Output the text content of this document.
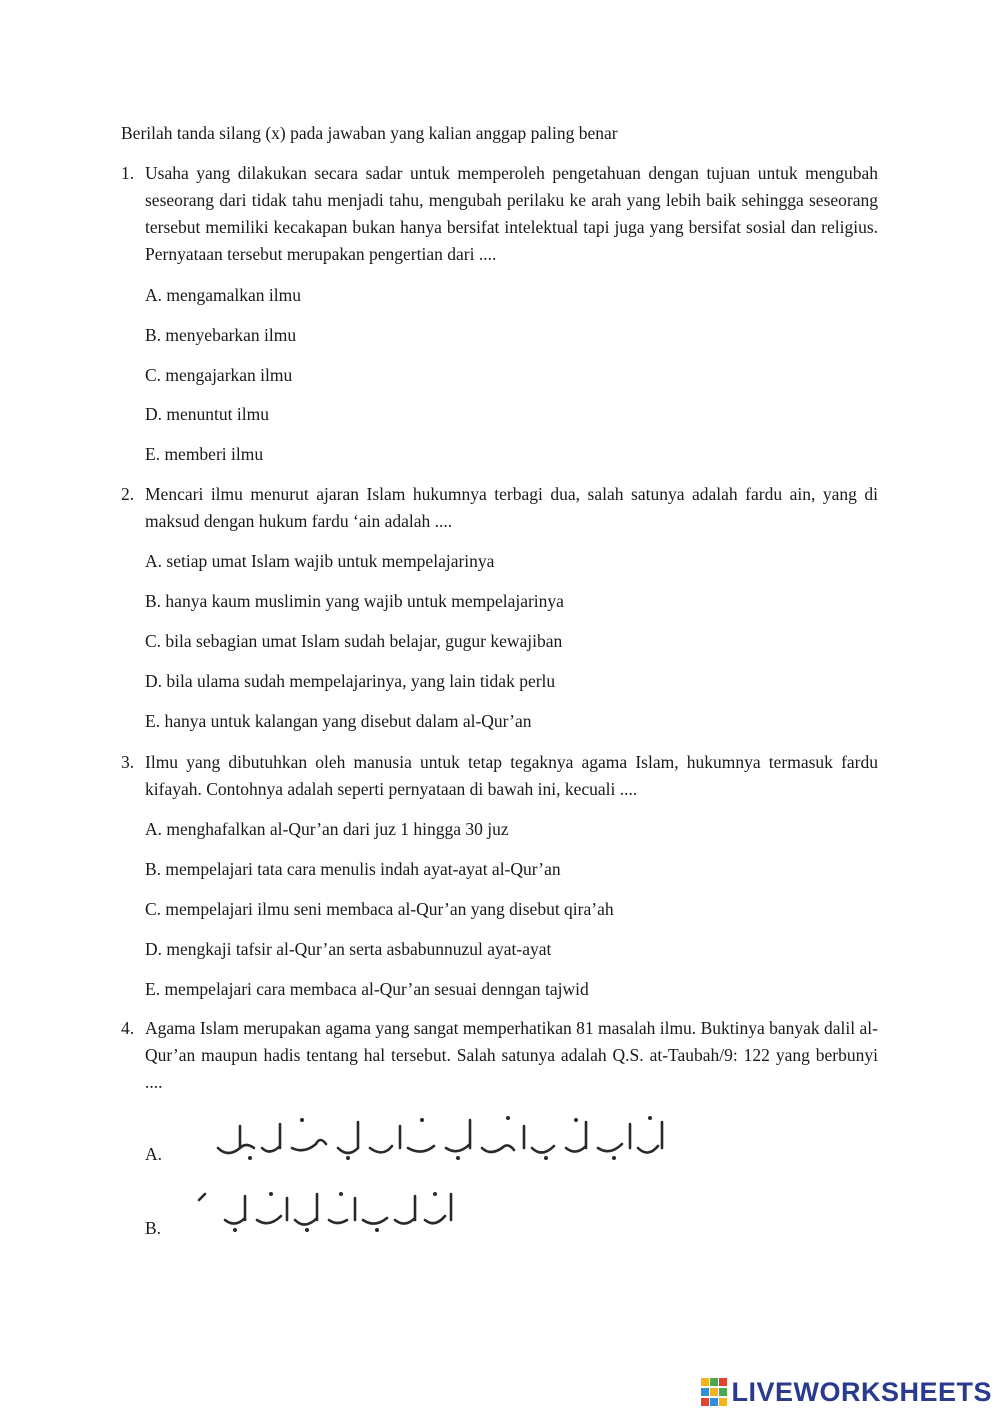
Berilah tanda silang (x) pada jawaban yang kalian anggap paling benar
1. Usaha yang dilakukan secara sadar untuk memperoleh pengetahuan dengan tujuan untuk mengubah seseorang dari tidak tahu menjadi tahu, mengubah perilaku ke arah yang lebih baik sehingga seseorang tersebut memiliki kecakapan bukan hanya bersifat intelektual tapi juga yang bersifat sosial dan religius. Pernyataan tersebut merupakan pengertian dari ....
A. mengamalkan ilmu
B. menyebarkan ilmu
C. mengajarkan ilmu
D. menuntut ilmu
E. memberi ilmu
2. Mencari ilmu menurut ajaran Islam hukumnya terbagi dua, salah satunya adalah fardu ain, yang di maksud dengan hukum fardu ‘ain adalah ....
A. setiap umat Islam wajib untuk mempelajarinya
B. hanya kaum muslimin yang wajib untuk mempelajarinya
C. bila sebagian umat Islam sudah belajar, gugur kewajiban
D. bila ulama sudah mempelajarinya, yang lain tidak perlu
E. hanya untuk kalangan yang disebut dalam al-Qur’an
3. Ilmu yang dibutuhkan oleh manusia untuk tetap tegaknya agama Islam, hukumnya termasuk fardu kifayah. Contohnya adalah seperti pernyataan di bawah ini, kecuali ....
A. menghafalkan al-Qur’an dari juz 1 hingga 30 juz
B. mempelajari tata cara menulis indah ayat-ayat al-Qur’an
C. mempelajari ilmu seni membaca al-Qur’an yang disebut qira’ah
D. mengkaji tafsir al-Qur’an serta asbabunnuzul ayat-ayat
E. mempelajari cara membaca al-Qur’an sesuai denngan tajwid
4. Agama Islam merupakan agama yang sangat memperhatikan 81 masalah ilmu. Buktinya banyak dalil al-Qur’an maupun hadis tentang hal tersebut. Salah satunya adalah Q.S. at-Taubah/9: 122 yang berbunyi ....
A.
B.
LIVEWORKSHEETS
